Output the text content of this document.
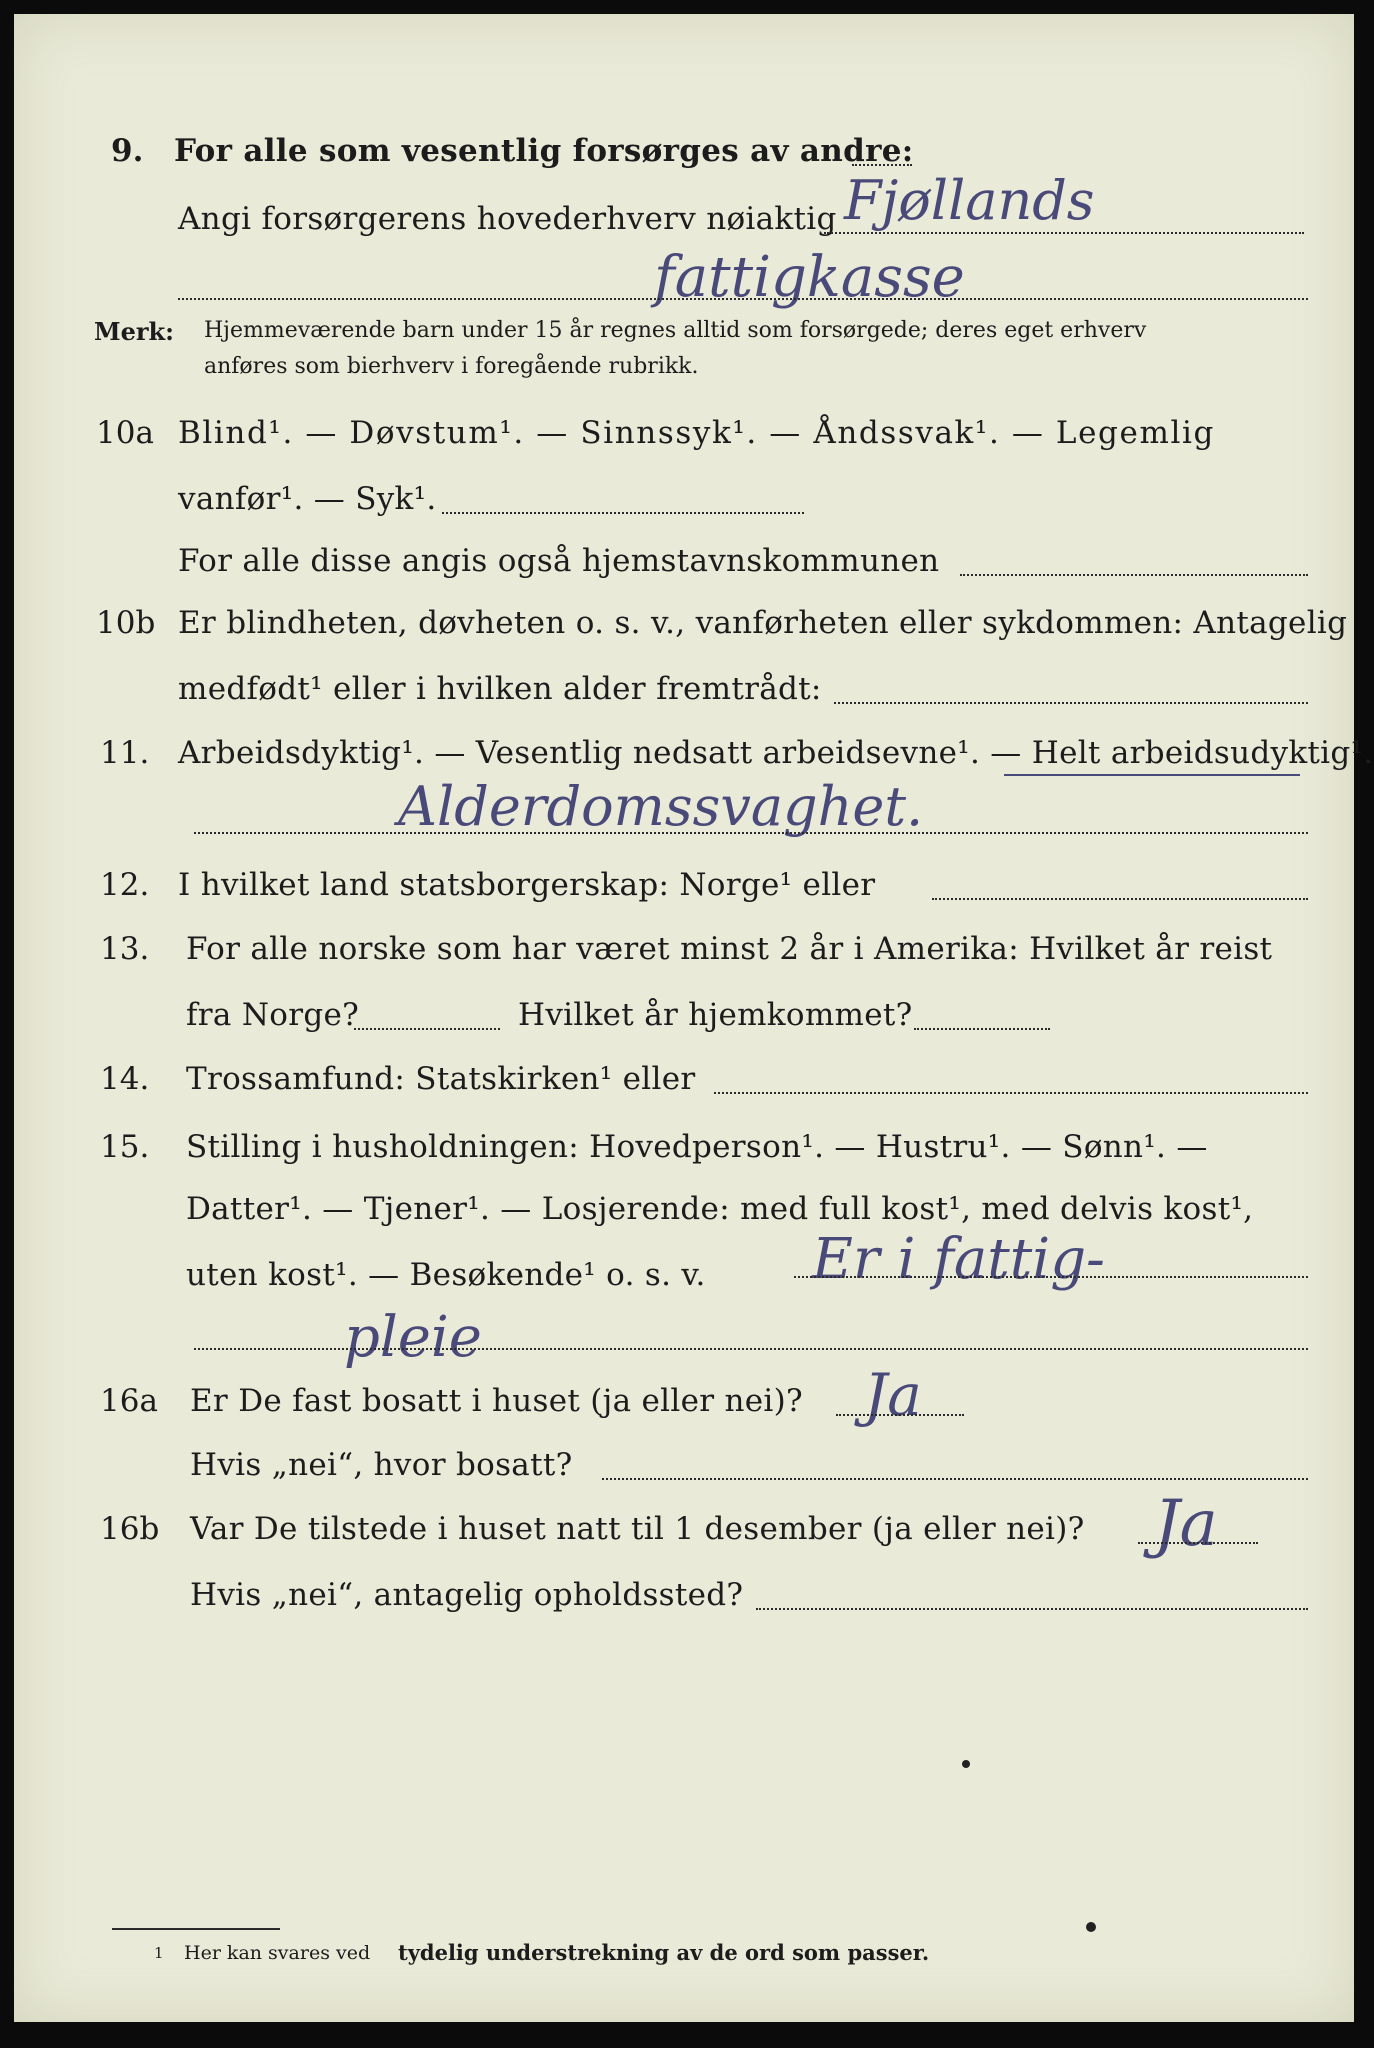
9. For alle som vesentlig forsørges av andre:
Angi forsørgerens hovederhverv nøiaktig Fjøllands
fattigkasse
Merk: Hjemmeværende barn under 15 år regnes alltid som forsørgede; deres eget erhverv
anføres som bierhverv i foregående rubrikk.
10a Blind¹. — Døvstum¹. — Sinnssyk¹. — Åndssvak¹. — Legemlig
vanfør¹. — Syk¹.
For alle disse angis også hjemstavnskommunen
10b Er blindheten, døvheten o. s. v., vanførheten eller sykdommen: Antagelig
medfødt¹ eller i hvilken alder fremtrådt:
11. Arbeidsdyktig¹. — Vesentlig nedsatt arbeidsevne¹. — Helt arbeidsudyktig¹.
Alderdomssvaghet.
12. I hvilket land statsborgerskap: Norge¹ eller
13. For alle norske som har været minst 2 år i Amerika: Hvilket år reist
fra Norge?	Hvilket år hjemkommet?
14. Trossamfund: Statskirken¹ eller
15. Stilling i husholdningen: Hovedperson¹. — Hustru¹. — Sønn¹. —
Datter¹. — Tjener¹. — Losjerende: med full kost¹, med delvis kost¹,
uten kost¹. — Besøkende¹ o. s. v. Er i fattig-
pleie
16a Er De fast bosatt i huset (ja eller nei)? Ja
Hvis „nei“, hvor bosatt?
16b Var De tilstede i huset natt til 1 desember (ja eller nei)? Ja
Hvis „nei“, antagelig opholdssted?
1 Her kan svares ved tydelig understrekning av de ord som passer.
